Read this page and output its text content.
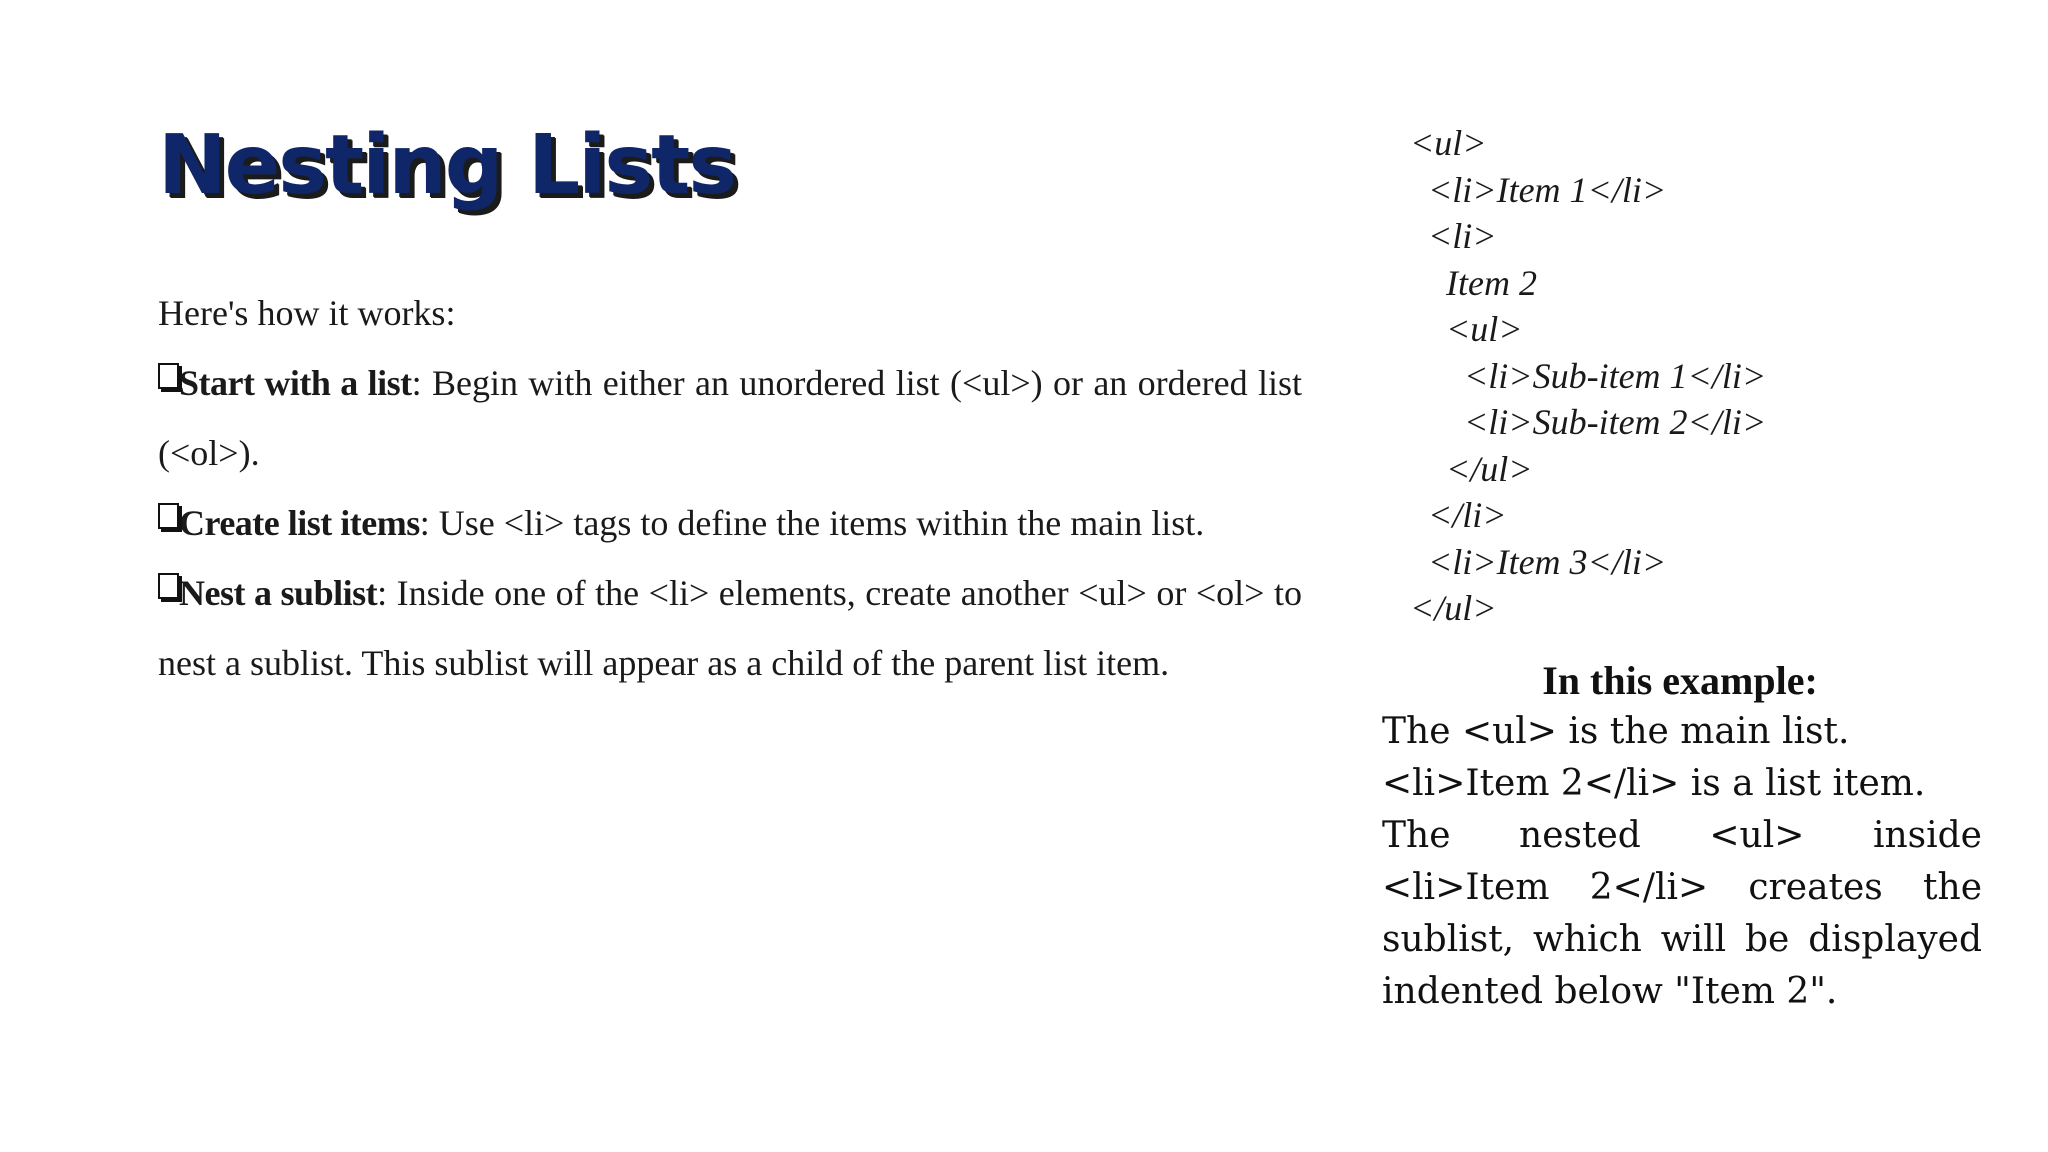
Nesting Lists

Here's how it works:

Start with a list: Begin with either an unordered list (<ul>) or an ordered list (<ol>).

Create list items: Use <li> tags to define the items within the main list.

Nest a sublist: Inside one of the <li> elements, create another <ul> or <ol> to nest a sublist. This sublist will appear as a child of the parent list item.

<ul>
<li>Item 1</li>
<li>
Item 2
<ul>
<li>Sub-item 1</li>
<li>Sub-item 2</li>
</ul>
</li>
<li>Item 3</li>
</ul>
In this example:

The <ul> is the main list.

<li>Item 2</li> is a list item.

The nested <ul> inside <li>Item 2</li> creates the sublist, which will be displayed indented below "Item 2".
